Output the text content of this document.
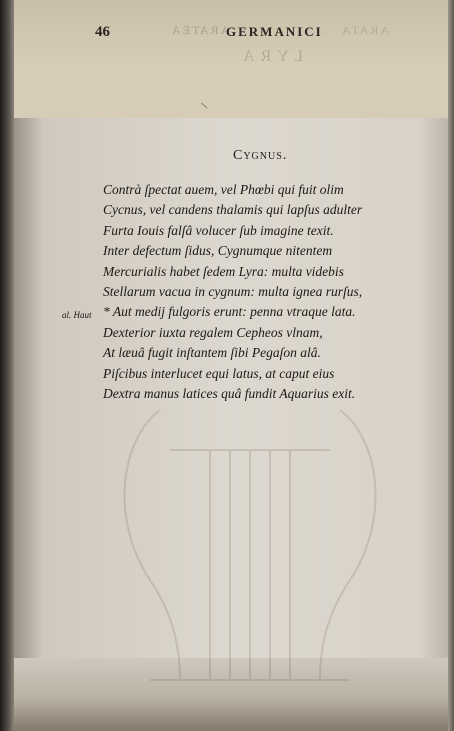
46	ARATEA
GERMANICI ARATA
LYRA
\
Cygnus.
al. Haut
Contrà ſpectat auem, vel Phœbi qui fuit olim
Cycnus, vel candens thalamis qui lapſus adulter
Furta Iouis falſâ volucer ſub imagine texit.
Inter defectum ſidus, Cygnumque nitentem
Mercurialis habet ſedem Lyra: multa videbis
Stellarum vacua in cygnum: multa ignea rurſus,
* Aut medij fulgoris erunt: penna vtraque lata.
Dexterior iuxta regalem Cepheos vlnam,
At læuâ fugit inſtantem ſibi Pegaſon alâ.
Piſcibus interlucet equi latus, at caput eius
Dextra manus latices quâ fundit Aquarius exit.
